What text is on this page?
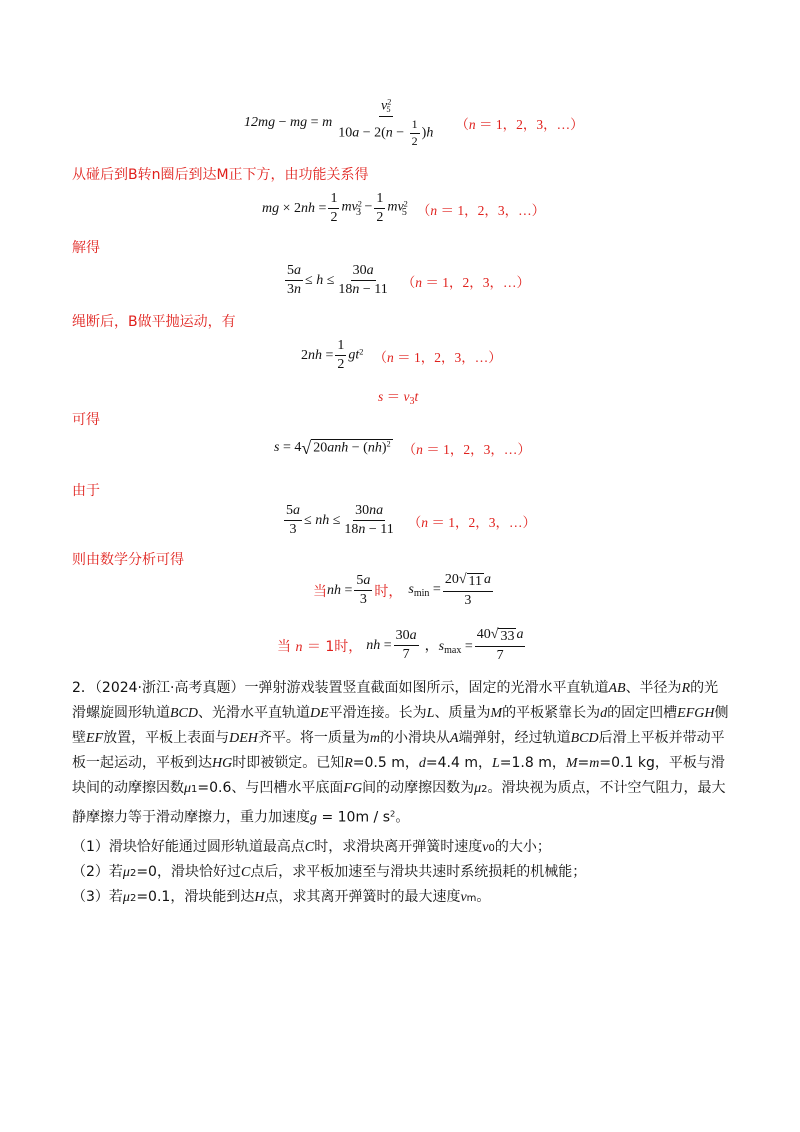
12mg − mg = m $\frac{v^2_5}{10a - 2(n - \frac{1}{2} )h} (n = 1$，2，3，…）
从碰后到B转n圈后到达M正下方，由功能关系得
mg × $2nh = \frac{1}{2} mv^2_3 - \frac{1}{2} mv^2_5$ （n ＝ 1，2，3，…）
解得
$\frac{5a}{3n} \le h \le \frac{30a}{18n - 11} (n = 1$，2，3，…）
绳断后，B做平抛运动，有
$2nh = \frac{1}{2} gt^2$ （n ＝ 1，2，3，…）
$s = v_3t$
可得
s = 4 √ 20anh − (nh)$^2$ （n ＝ 1，2，3，…）
由于
$\frac{5a}{3}$ ≤ nh ≤ $\frac{30na}{18n - 11} (n = 1$，2，3，…）
则由数学分析可得
当 nh = $\frac{5a}{3}$ 时， $s_{min} = \frac{20 √ 11 a}{3}$
当 n ＝ 1时， nh = $\frac{30a}{7}$ ，$s_{max} = \frac{40 √ 33 a}{7}$
2．（2024·浙江·高考真题）一弹射游戏装置竖直截面如图所示，固定的光滑水平直轨道AB、半径为R的光滑螺旋圆形轨道BCD、光滑水平直轨道DE平滑连接。长为L、质量为M的平板紧靠长为d的固定凹槽EFGH侧壁EF放置，平板上表面与DEH齐平。将一质量为m的小滑块从A端弹射，经过轨道BCD后滑上平板并带动平板一起运动，平板到达HG时即被锁定。已知R=0.5 m，d=4.4 m，L=1.8 m，M=m=0.1 kg，平板与滑块间的动摩擦因数μ1=0.6、与凹槽水平底面FG间的动摩擦因数为μ2。滑块视为质点，不计空气阻力，最大静摩擦力等于滑动摩擦力，重力加速度$g = 10m / s^2$。
（1）滑块恰好能通过圆形轨道最高点C时，求滑块离开弹簧时速度v0的大小；
（2）若μ2=0，滑块恰好过C点后，求平板加速至与滑块共速时系统损耗的机械能；
（3）若μ2=0.1，滑块能到达H点，求其离开弹簧时的最大速度vm。
